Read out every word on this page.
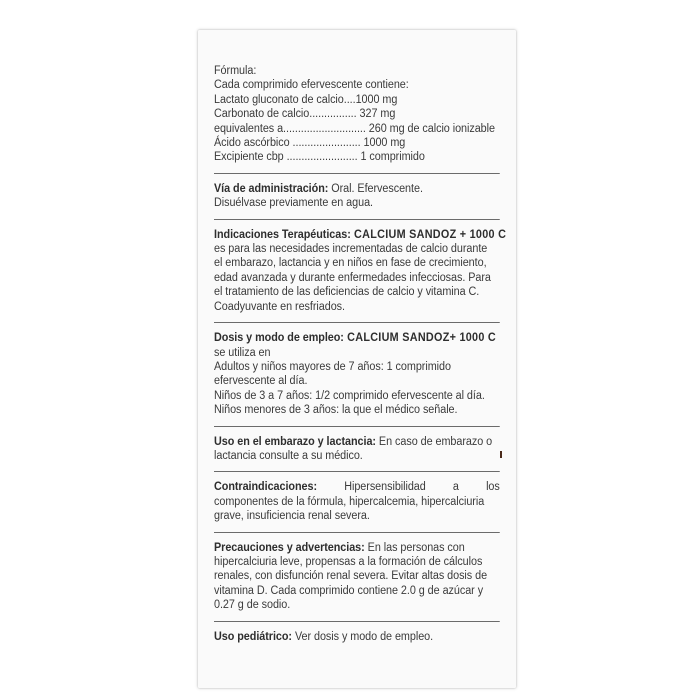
Fórmula:
Cada comprimido efervescente contiene:
Lactato gluconato de calcio....1000 mg
Carbonato de calcio................ 327 mg
equivalentes a............................ 260 mg de calcio ionizable
Ácido ascórbico ....................... 1000 mg
Excipiente cbp ........................ 1 comprimido
Vía de administración: Oral. Efervescente.
Disuélvase previamente en agua.
Indicaciones Terapéuticas: CALCIUM SANDOZ + 1000 C
es para las necesidades incrementadas de calcio durante
el embarazo, lactancia y en niños en fase de crecimiento,
edad avanzada y durante enfermedades infecciosas. Para
el tratamiento de las deficiencias de calcio y vitamina C.
Coadyuvante en resfriados.
Dosis y modo de empleo: CALCIUM SANDOZ+ 1000 C
se utiliza en
Adultos y niños mayores de 7 años: 1 comprimido
efervescente al día.
Niños de 3 a 7 años: 1/2 comprimido efervescente al día.
Niños menores de 3 años: la que el médico señale.
Uso en el embarazo y lactancia: En caso de embarazo o
lactancia consulte a su médico.
Contraindicaciones: Hipersensibilidad a los
componentes de la fórmula, hipercalcemia, hipercalciuria
grave, insuficiencia renal severa.
Precauciones y advertencias: En las personas con
hipercalciuria leve, propensas a la formación de cálculos
renales, con disfunción renal severa. Evitar altas dosis de
vitamina D. Cada comprimido contiene 2.0 g de azúcar y
0.27 g de sodio.
Uso pediátrico: Ver dosis y modo de empleo.
